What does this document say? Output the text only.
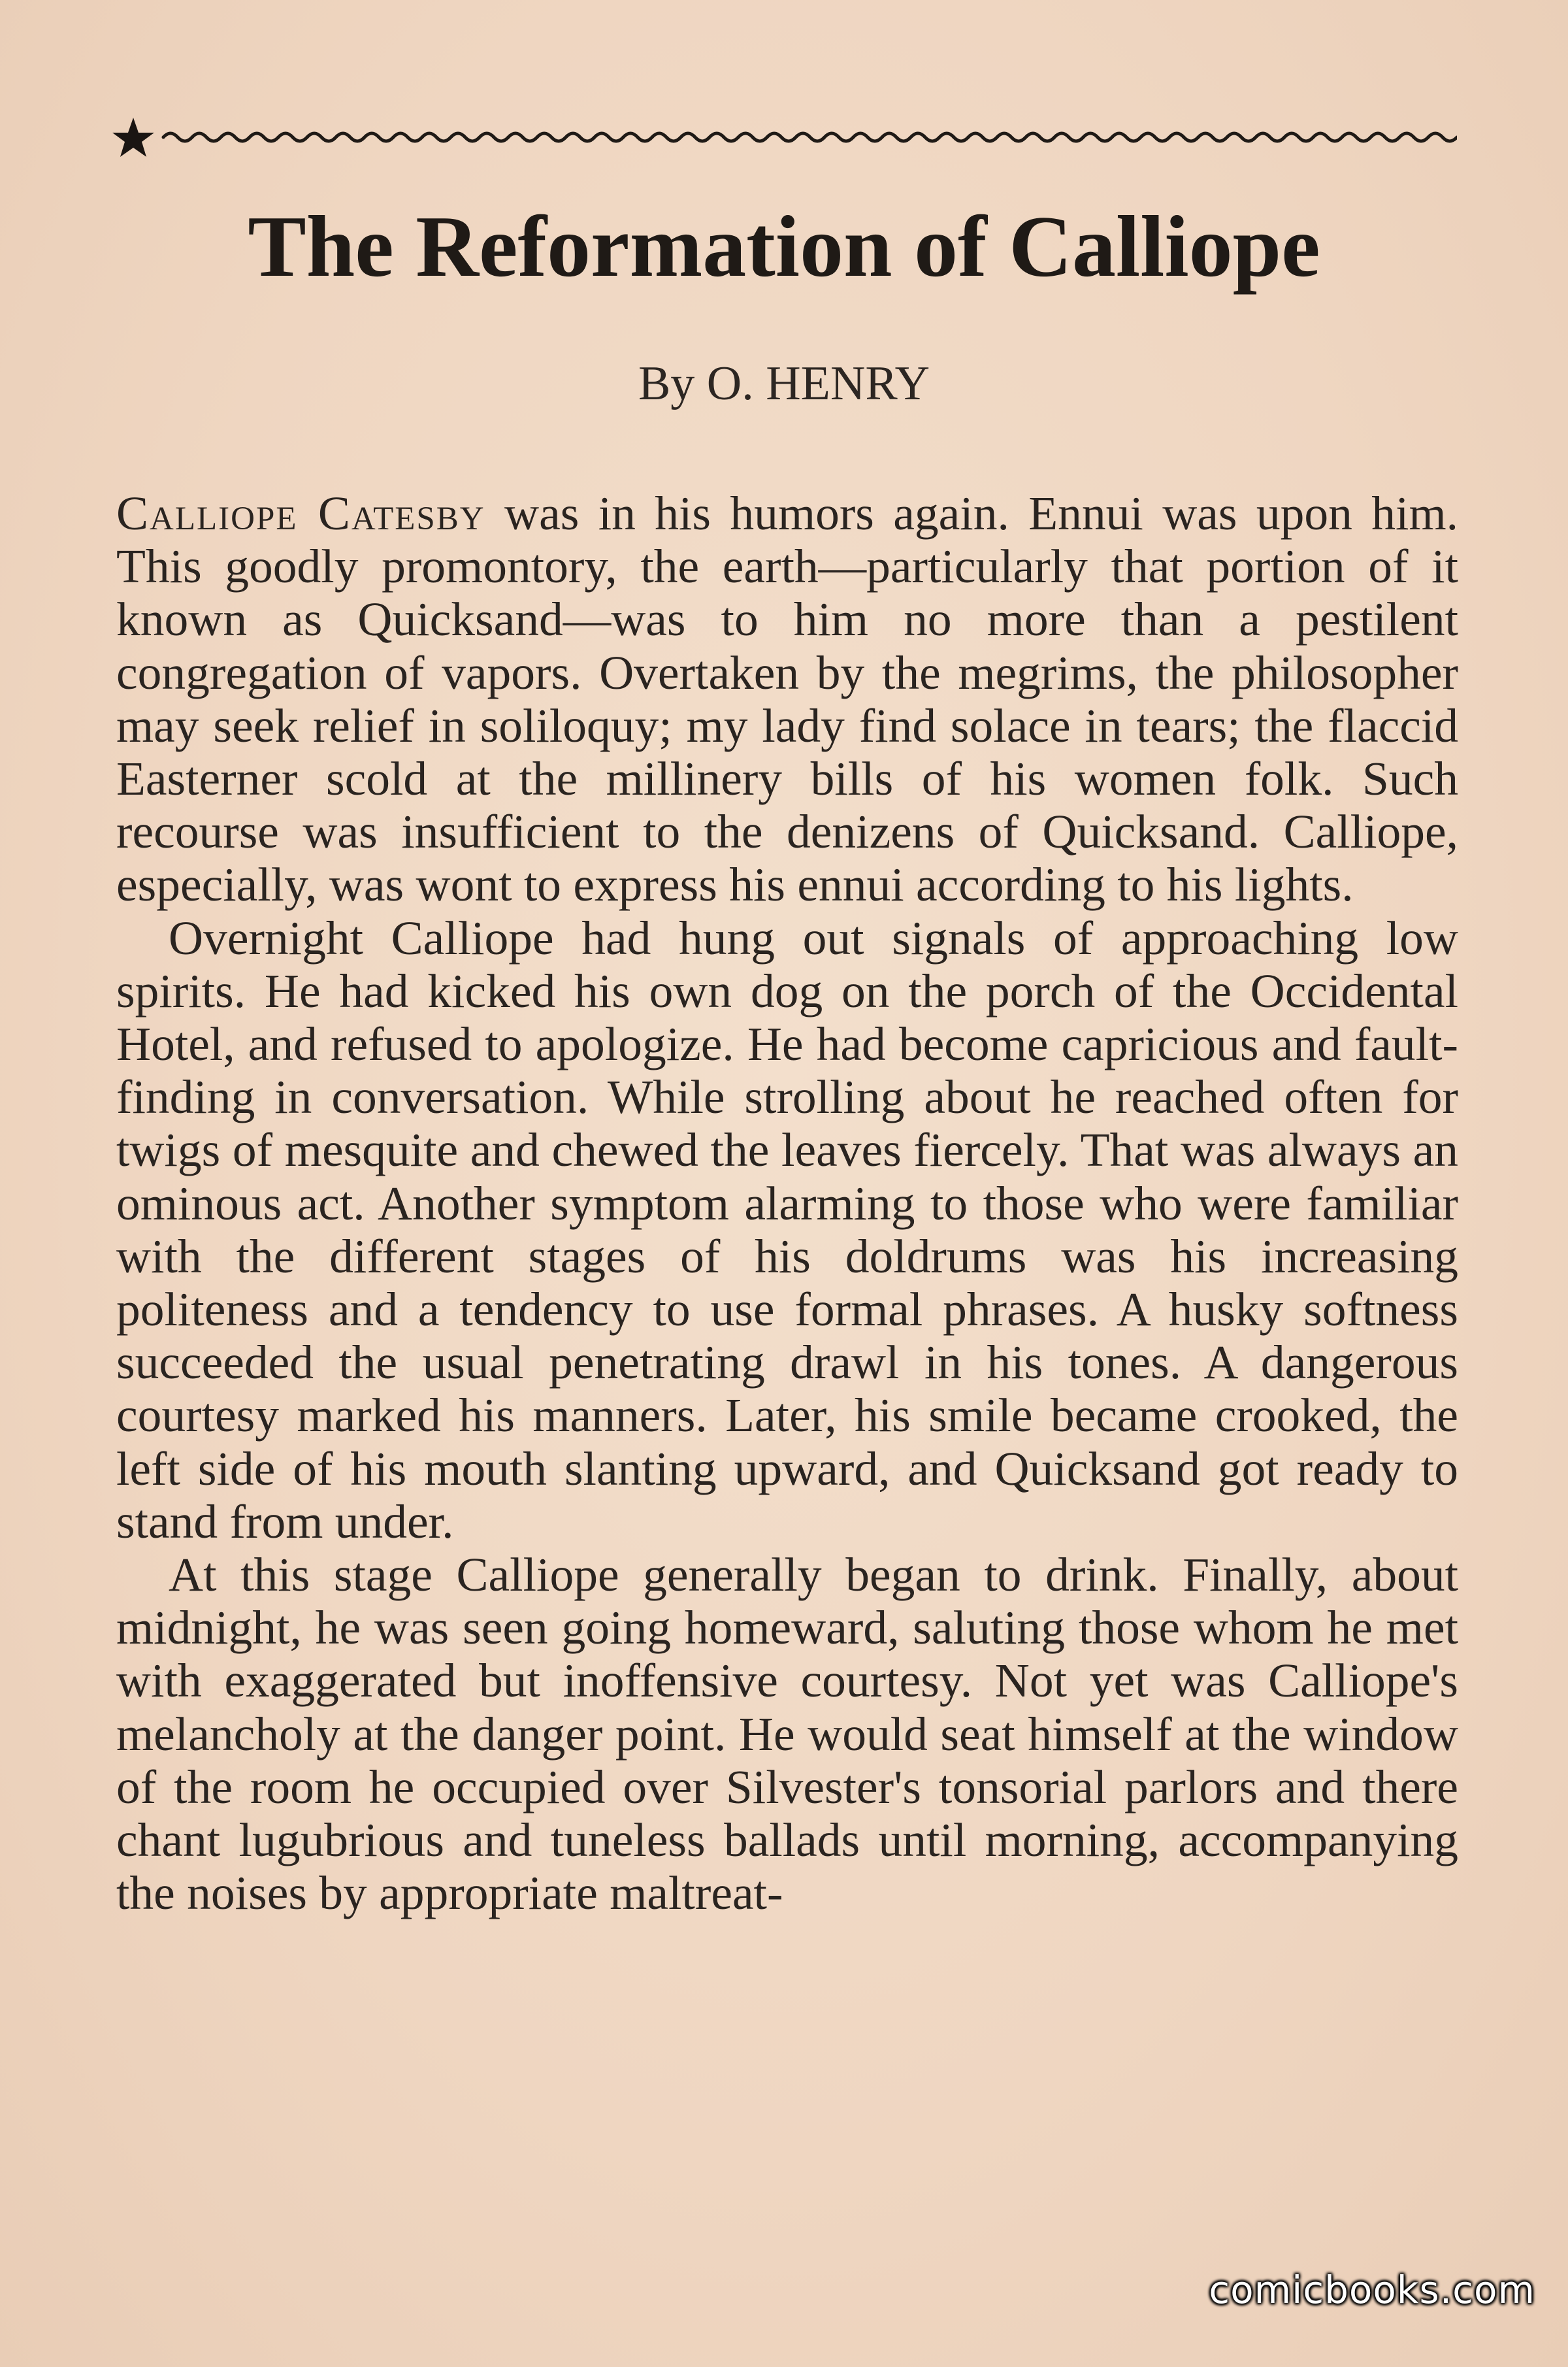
The Reformation of Calliope
By O. HENRY

Calliope Catesby was in his humors again. Ennui was upon him. This goodly promontory, the earth—particularly that portion of it known as Quicksand—was to him no more than a pestilent congregation of vapors. Overtaken by the megrims, the philosopher may seek relief in soliloquy; my lady find solace in tears; the flaccid Easterner scold at the millinery bills of his women folk. Such recourse was insufficient to the denizens of Quicksand. Calliope, especially, was wont to express his ennui according to his lights.

Overnight Calliope had hung out signals of approaching low spirits. He had kicked his own dog on the porch of the Occidental Hotel, and refused to apologize. He had become capricious and fault-finding in conversation. While strolling about he reached often for twigs of mesquite and chewed the leaves fiercely. That was always an ominous act. Another symptom alarming to those who were familiar with the different stages of his doldrums was his increasing politeness and a tendency to use formal phrases. A husky softness succeeded the usual penetrating drawl in his tones. A dangerous courtesy marked his manners. Later, his smile became crooked, the left side of his mouth slanting upward, and Quicksand got ready to stand from under.

At this stage Calliope generally began to drink. Finally, about midnight, he was seen going homeward, saluting those whom he met with exaggerated but inoffensive courtesy. Not yet was Calliope's melancholy at the danger point. He would seat himself at the window of the room he occupied over Silvester's tonsorial parlors and there chant lugubrious and tuneless ballads until morning, accompanying the noises by appropriate maltreat-

comicbooks.com
